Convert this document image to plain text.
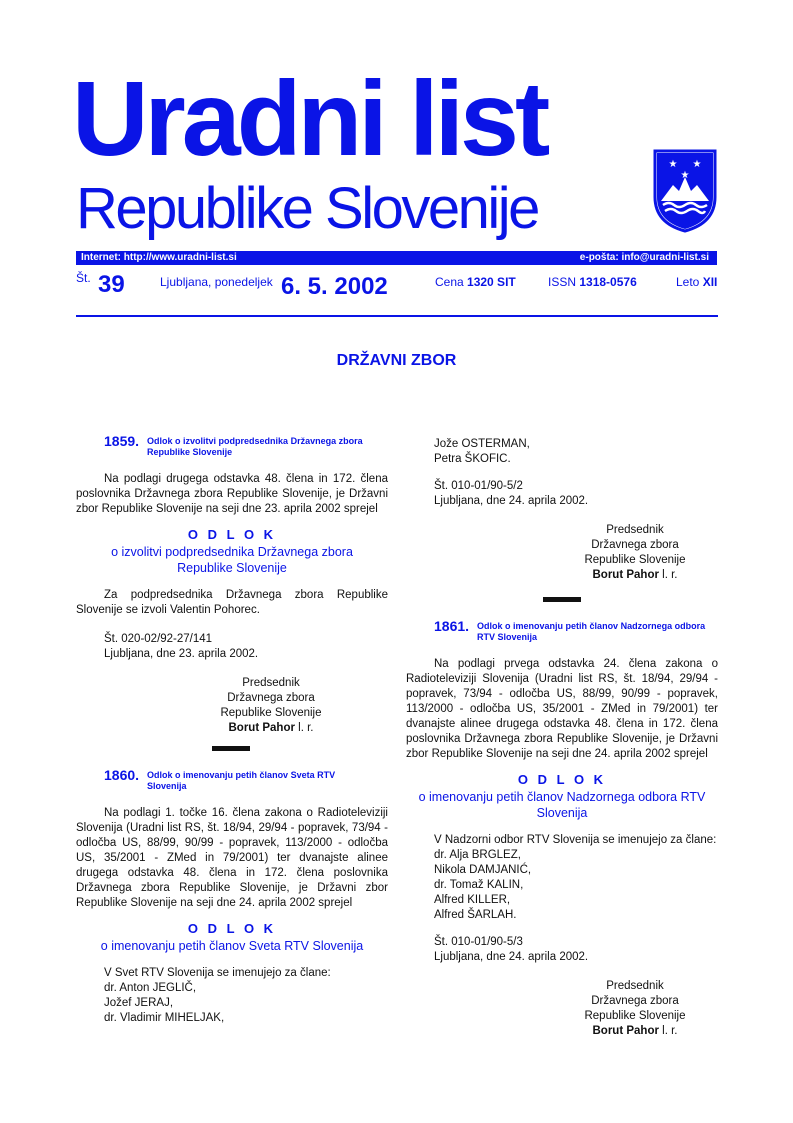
Uradni list
Republike Slovenije
★ ★
★
Internet: http://www.uradni-list.si	e-pošta: info@uradni-list.si
Št. 39	Ljubljana, ponedeljek 6. 5. 2002	Cena 1320 SIT	ISSN 1318-0576	Leto XII
DRŽAVNI ZBOR
1859. Odlok o izvolitvi podpredsednika Državnega zbora Republike Slovenije

Na podlagi drugega odstavka 48. člena in 172. člena poslovnika Državnega zbora Republike Slovenije, je Državni zbor Republike Slovenije na seji dne 23. aprila 2002 sprejel

O D L O K
o izvolitvi podpredsednika Državnega zbora Republike Slovenije

Za podpredsednika Državnega zbora Republike Slovenije se izvoli Valentin Pohorec.

Št. 020-02/92-27/141
Ljubljana, dne 23. aprila 2002.
Predsednik
Državnega zbora
Republike Slovenije
Borut Pahor l. r.
1860. Odlok o imenovanju petih članov Sveta RTV Slovenija

Na podlagi 1. točke 16. člena zakona o Radioteleviziji Slovenija (Uradni list RS, št. 18/94, 29/94 - popravek, 73/94 - odločba US, 88/99, 90/99 - popravek, 113/2000 - odločba US, 35/2001 - ZMed in 79/2001) ter dvanajste alinee drugega odstavka 48. člena in 172. člena poslovnika Državnega zbora Republike Slovenije, je Državni zbor Republike Slovenije na seji dne 24. aprila 2002 sprejel

O D L O K
o imenovanju petih članov Sveta RTV Slovenija
V Svet RTV Slovenija se imenujejo za člane:
dr. Anton JEGLIČ,
Jožef JERAJ,
dr. Vladimir MIHELJAK,
Jože OSTERMAN,
Petra ŠKOFIC.
Št. 010-01/90-5/2
Ljubljana, dne 24. aprila 2002.
Predsednik
Državnega zbora
Republike Slovenije
Borut Pahor l. r.
1861. Odlok o imenovanju petih članov Nadzornega odbora RTV Slovenija

Na podlagi prvega odstavka 24. člena zakona o Radioteleviziji Slovenija (Uradni list RS, št. 18/94, 29/94 - popravek, 73/94 - odločba US, 88/99, 90/99 - popravek, 113/2000 - odločba US, 35/2001 - ZMed in 79/2001) ter dvanajste alinee drugega odstavka 48. člena in 172. člena poslovnika Državnega zbora Republike Slovenije, je Državni zbor Republike Slovenije na seji dne 24. aprila 2002 sprejel

O D L O K
o imenovanju petih članov Nadzornega odbora RTV Slovenija
V Nadzorni odbor RTV Slovenija se imenujejo za člane:
dr. Alja BRGLEZ,
Nikola DAMJANIĆ,
dr. Tomaž KALIN,
Alfred KILLER,
Alfred ŠARLAH.
Št. 010-01/90-5/3
Ljubljana, dne 24. aprila 2002.
Predsednik
Državnega zbora
Republike Slovenije
Borut Pahor l. r.
